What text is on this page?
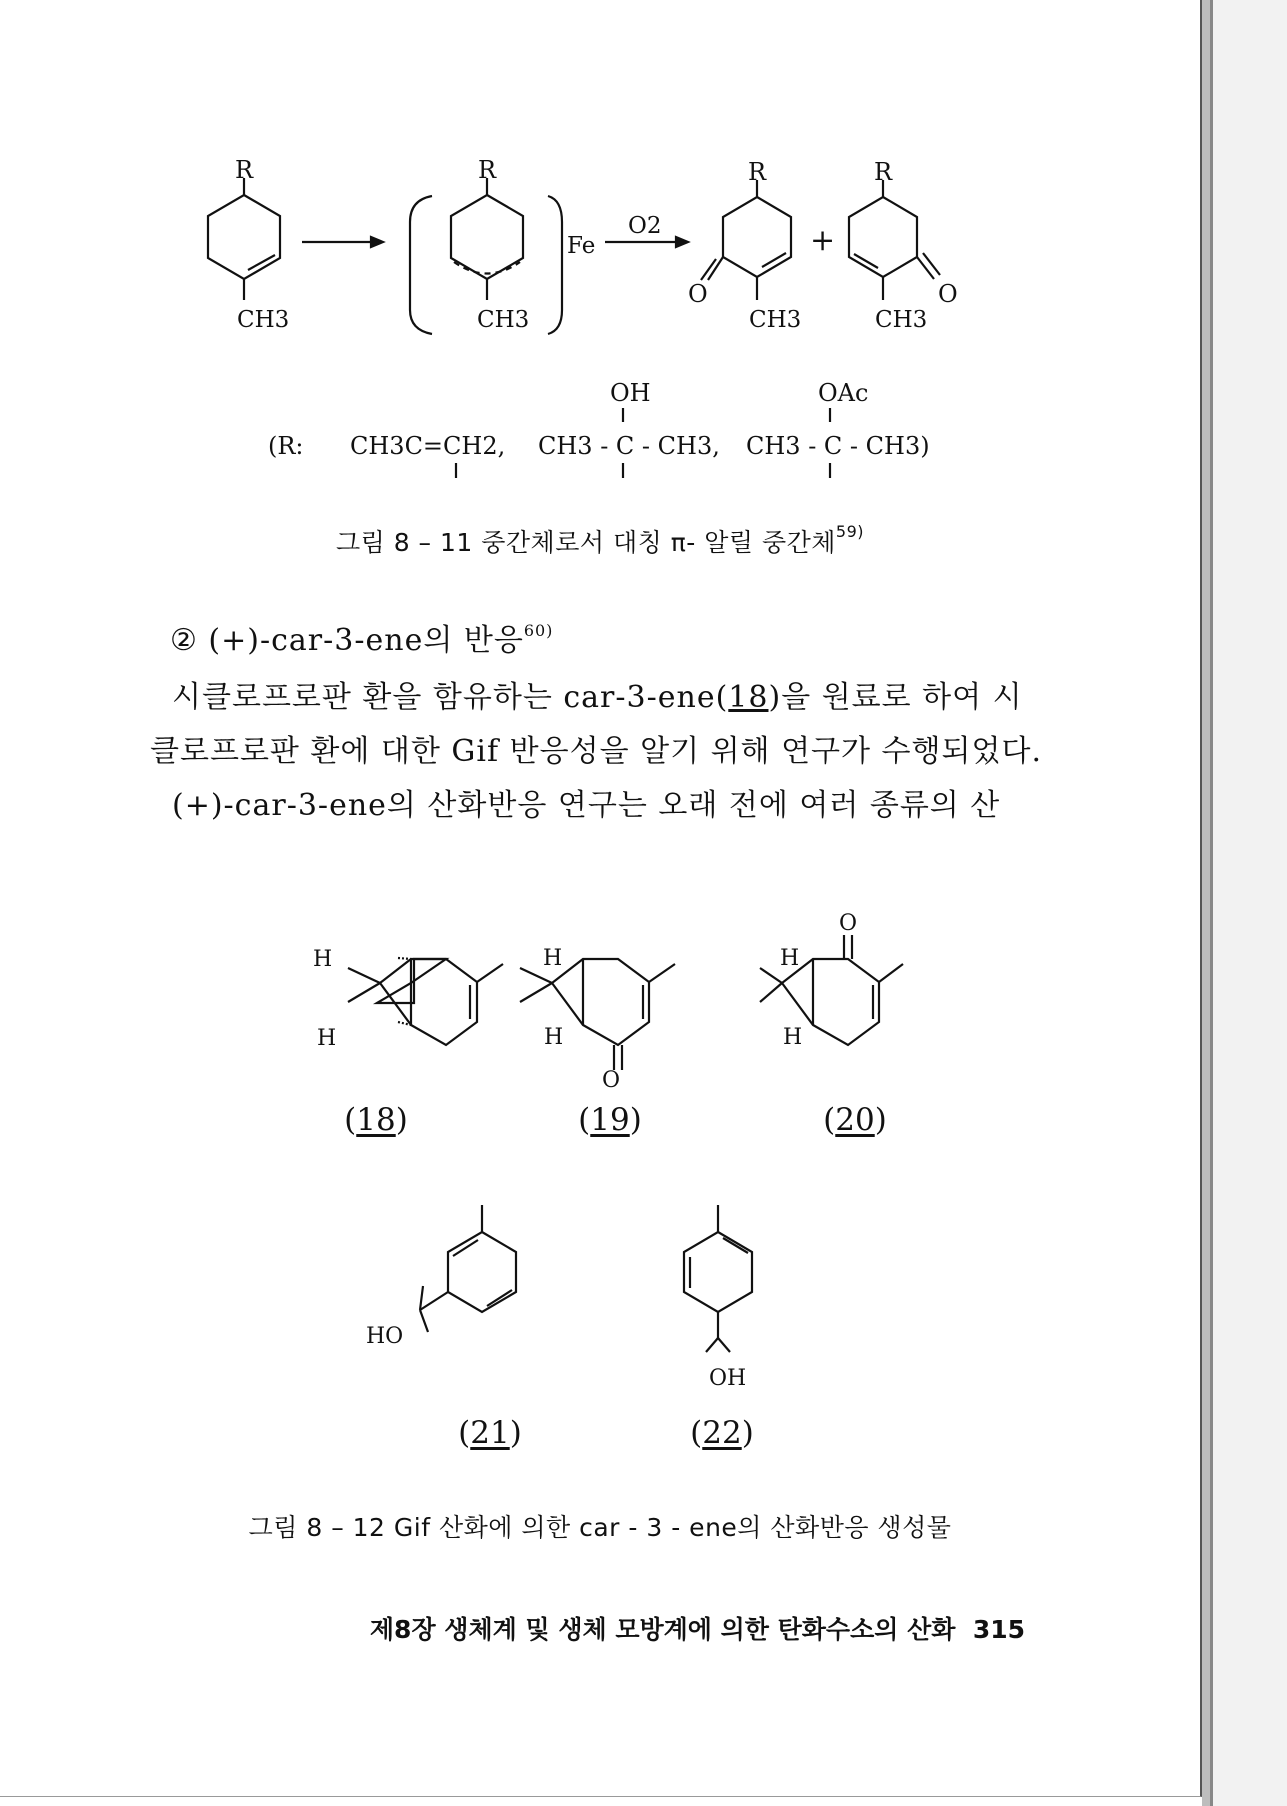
R
CH3
R
CH3
Fe
O2
R
O
CH3
+
R
O
CH3
(R: CH3C=CH2,
OH
CH3 - C - CH3,
OAc
CH3 - C - CH3)
그림 8 – 11 중간체로서 대칭 π- 알릴 중간체$^{59)}$
② (+)-car-3-ene의 반응$^{60)}$
시클로프로판 환을 함유하는 car-3-ene(18)을 원료로 하여 시
클로프로판 환에 대한 Gif 반응성을 알기 위해 연구가 수행되었다.
(+)-car-3-ene의 산화반응 연구는 오래 전에 여러 종류의 산
H
H
H
H
O
O
H
H
HO
OH
(18)	(19)	(20)
(21)	(22)
그림 8 – 12 Gif 산화에 의한 car - 3 - ene의 산화반응 생성물
제8장 생체계 및 생체 모방계에 의한 탄화수소의 산화 315
